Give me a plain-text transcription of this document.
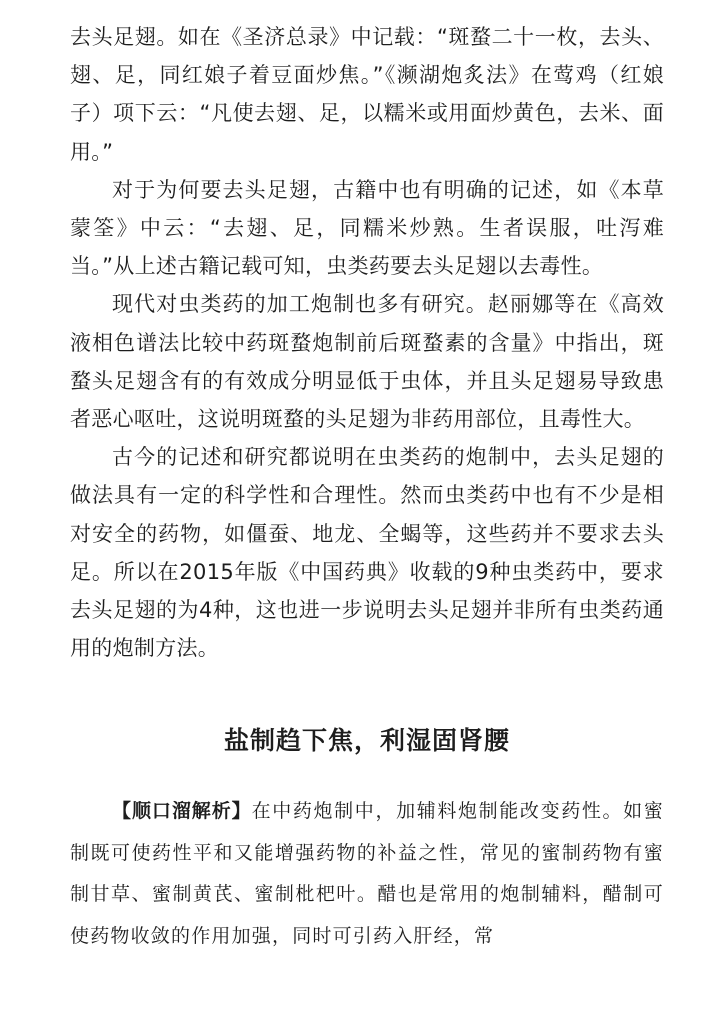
去头足翅。如在《圣济总录》中记载：“斑蝥二十一枚，去头、翅、足，同红娘子着豆面炒焦。”《濒湖炮炙法》在莺鸡（红娘子）项下云：“凡使去翅、足，以糯米或用面炒黄色，去米、面用。”

对于为何要去头足翅，古籍中也有明确的记述，如《本草蒙筌》中云：“去翅、足，同糯米炒熟。生者误服，吐泻难当。”从上述古籍记载可知，虫类药要去头足翅以去毒性。

现代对虫类药的加工炮制也多有研究。赵丽娜等在《高效液相色谱法比较中药斑蝥炮制前后斑蝥素的含量》中指出，斑蝥头足翅含有的有效成分明显低于虫体，并且头足翅易导致患者恶心呕吐，这说明斑蝥的头足翅为非药用部位，且毒性大。

古今的记述和研究都说明在虫类药的炮制中，去头足翅的做法具有一定的科学性和合理性。然而虫类药中也有不少是相对安全的药物，如僵蚕、地龙、全蝎等，这些药并不要求去头足。所以在2015年版《中国药典》收载的9种虫类药中，要求去头足翅的为4种，这也进一步说明去头足翅并非所有虫类药通用的炮制方法。

盐制趋下焦，利湿固肾腰

【顺口溜解析】在中药炮制中，加辅料炮制能改变药性。如蜜制既可使药性平和又能增强药物的补益之性，常见的蜜制药物有蜜制甘草、蜜制黄芪、蜜制枇杷叶。醋也是常用的炮制辅料，醋制可使药物收敛的作用加强，同时可引药入肝经，常
